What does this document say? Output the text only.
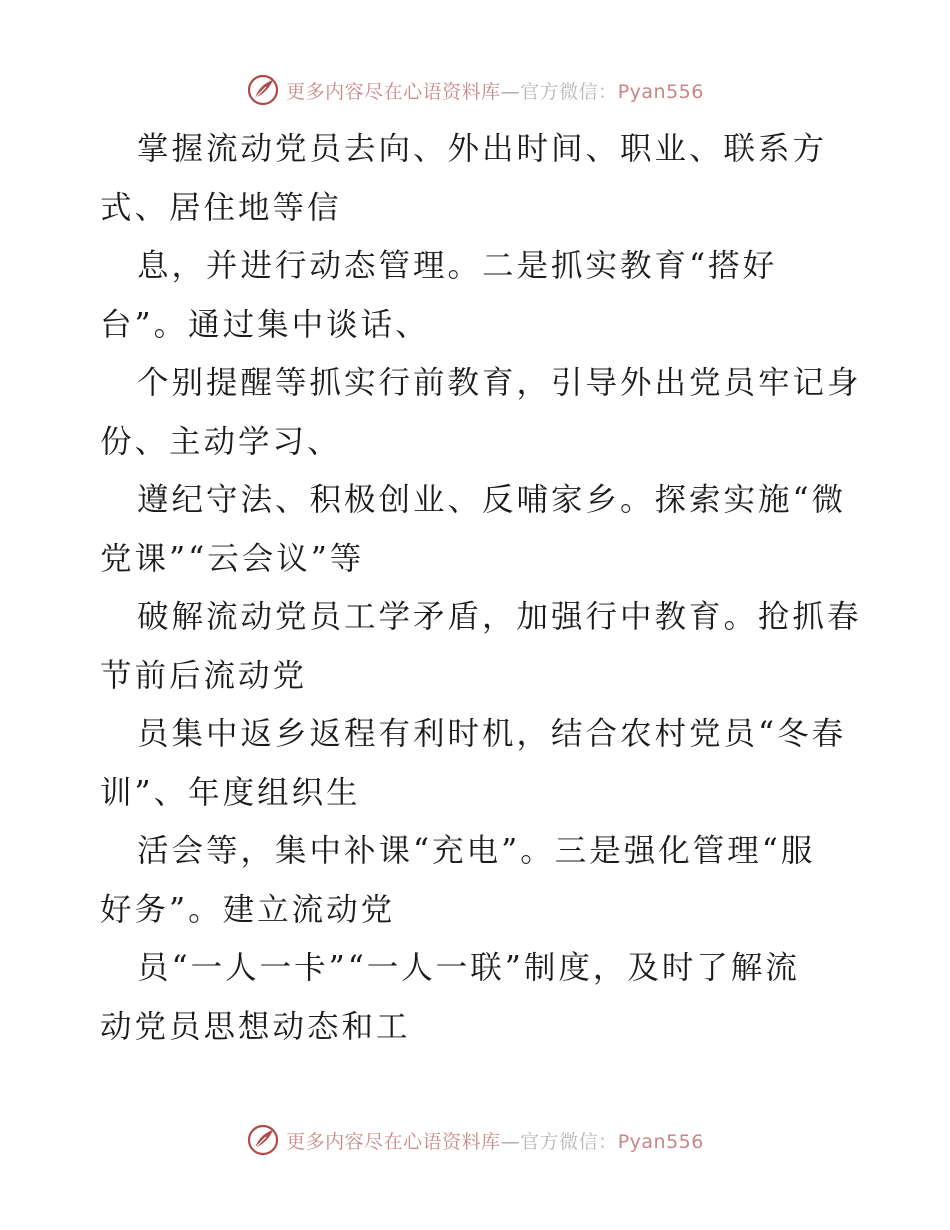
更多内容尽在心语资料库—官方微信：Pyan556
掌握流动党员去向、外出时间、职业、联系方
式、居住地等信
息，并进行动态管理。二是抓实教育“搭好
台”。通过集中谈话、
个别提醒等抓实行前教育，引导外出党员牢记身
份、主动学习、
遵纪守法、积极创业、反哺家乡。探索实施“微
党课”“云会议”等
破解流动党员工学矛盾，加强行中教育。抢抓春
节前后流动党
员集中返乡返程有利时机，结合农村党员“冬春
训”、年度组织生
活会等，集中补课“充电”。三是强化管理“服
好务”。建立流动党
员“一人一卡”“一人一联”制度，及时了解流
动党员思想动态和工
更多内容尽在心语资料库—官方微信：Pyan556
